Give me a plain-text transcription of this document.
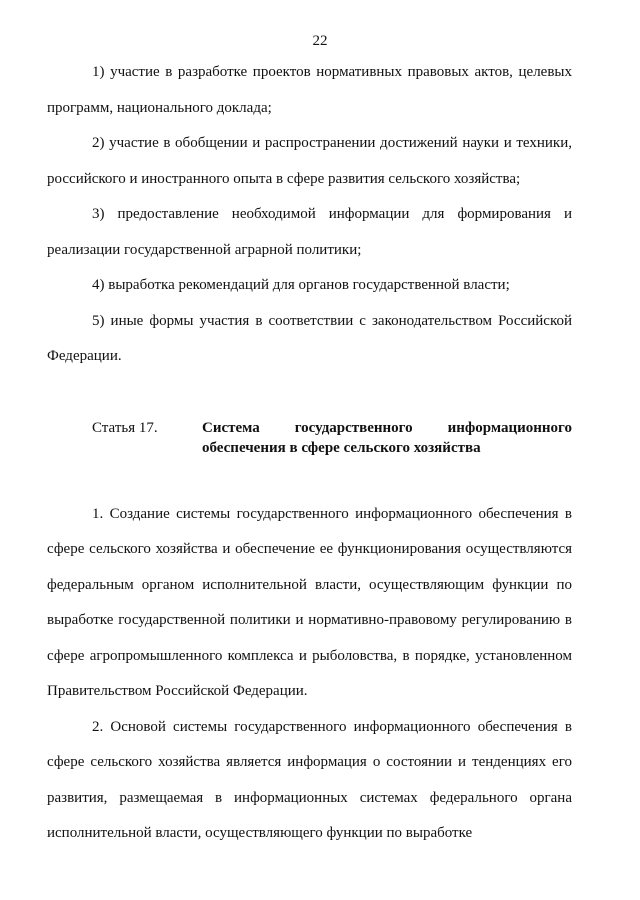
22

1) участие в разработке проектов нормативных правовых актов, целевых программ, национального доклада;

2) участие в обобщении и распространении достижений науки и техники, российского и иностранного опыта в сфере развития сельского хозяйства;

3) предоставление необходимой информации для формирования и реализации государственной аграрной политики;

4) выработка рекомендаций для органов государственной власти;

5) иные формы участия в соответствии с законодательством Российской Федерации.

Статья 17.	Система государственного информационного
обеспечения в сфере сельского хозяйства

1. Создание системы государственного информационного обеспечения в сфере сельского хозяйства и обеспечение ее функционирования осуществляются федеральным органом исполнительной власти, осуществляющим функции по выработке государственной политики и нормативно-правовому регулированию в сфере агропромышленного комплекса и рыболовства, в порядке, установленном Правительством Российской Федерации.

2. Основой системы государственного информационного обеспечения в сфере сельского хозяйства является информация о состоянии и тенденциях его развития, размещаемая в информационных системах федерального органа исполнительной власти, осуществляющего функции по выработке
